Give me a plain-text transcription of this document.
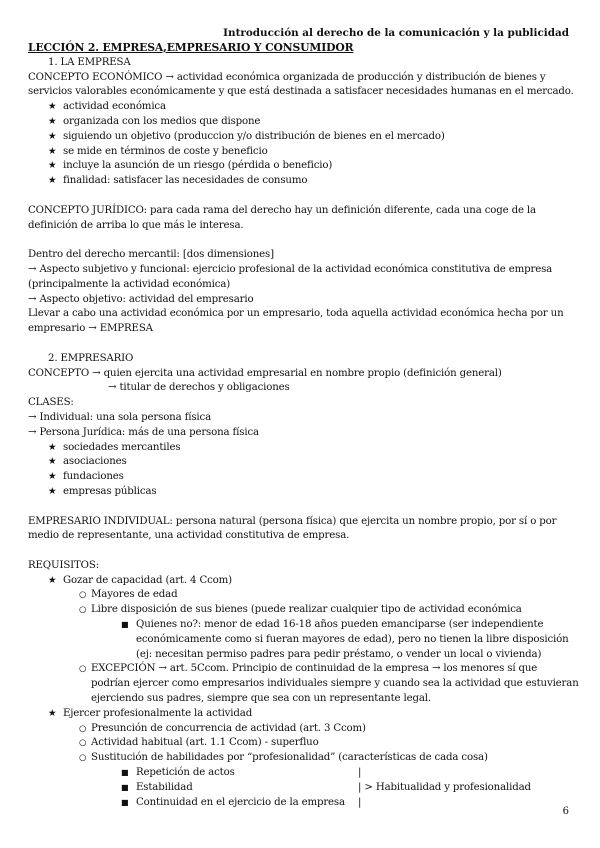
Introducción al derecho de la comunicación y la publicidad
LECCIÓN 2. EMPRESA,EMPRESARIO Y CONSUMIDOR
1. LA EMPRESA
CONCEPTO ECONÓMICO → actividad económica organizada de producción y distribución de bienes y
servicios valorables económicamente y que está destinada a satisfacer necesidades humanas en el mercado.
★ actividad económica
★ organizada con los medios que dispone
★ siguiendo un objetivo (produccion y/o distribución de bienes en el mercado)
★ se mide en términos de coste y beneficio
★ incluye la asunción de un riesgo (pérdida o beneficio)
★ finalidad: satisfacer las necesidades de consumo
CONCEPTO JURÍDICO: para cada rama del derecho hay un definición diferente, cada una coge de la
definición de arriba lo que más le interesa.
Dentro del derecho mercantil: [dos dimensiones]
→ Aspecto subjetivo y funcional: ejercicio profesional de la actividad económica constitutiva de empresa
(principalmente la actividad económica)
→ Aspecto objetivo: actividad del empresario
Llevar a cabo una actividad económica por un empresario, toda aquella actividad económica hecha por un
empresario → EMPRESA
2. EMPRESARIO
CONCEPTO → quien ejercita una actividad empresarial en nombre propio (definición general)
→ titular de derechos y obligaciones
CLASES:
→ Individual: una sola persona física
→ Persona Jurídica: más de una persona física
★ sociedades mercantiles
★ asociaciones
★ fundaciones
★ empresas públicas
EMPRESARIO INDIVIDUAL: persona natural (persona física) que ejercita un nombre propio, por sí o por
medio de representante, una actividad constitutiva de empresa.
REQUISITOS:
★ Gozar de capacidad (art. 4 Ccom)
○ Mayores de edad
○ Libre disposición de sus bienes (puede realizar cualquier tipo de actividad económica
■ Quienes no?: menor de edad 16-18 años pueden emanciparse (ser independiente
económicamente como si fueran mayores de edad), pero no tienen la libre disposición
(ej: necesitan permiso padres para pedir préstamo, o vender un local o vivienda)
○ EXCEPCIÓN → art. 5Ccom. Principio de continuidad de la empresa → los menores sí que
podrían ejercer como empresarios individuales siempre y cuando sea la actividad que estuvieran
ejerciendo sus padres, siempre que sea con un representante legal.
★ Ejercer profesionalmente la actividad
○ Presunción de concurrencia de actividad (art. 3 Ccom)
○ Actividad habitual (art. 1.1 Ccom) - superfluo
○ Sustitución de habilidades por “profesionalidad” (características de cada cosa)
■ Repetición de actos	|
■ Estabilidad	| > Habitualidad y profesionalidad
■ Continuidad en el ejercicio de la empresa |
6
